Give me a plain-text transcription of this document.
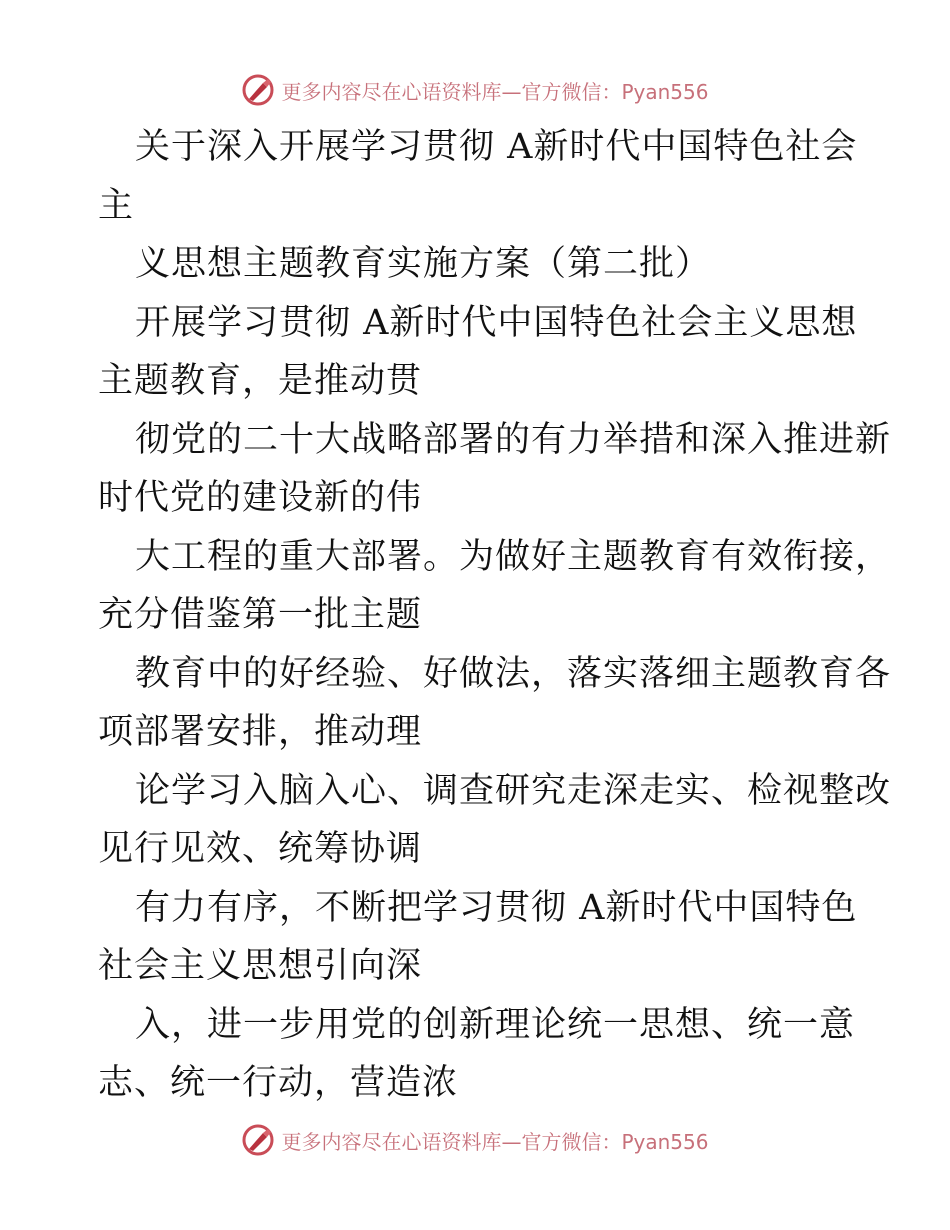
更多内容尽在心语资料库—官方微信：Pyan556
关于深入开展学习贯彻 A新时代中国特色社会
主
义思想主题教育实施方案（第二批）
开展学习贯彻 A新时代中国特色社会主义思想
主题教育，是推动贯
彻党的二十大战略部署的有力举措和深入推进新
时代党的建设新的伟
大工程的重大部署。为做好主题教育有效衔接，
充分借鉴第一批主题
教育中的好经验、好做法，落实落细主题教育各
项部署安排，推动理
论学习入脑入心、调查研究走深走实、检视整改
见行见效、统筹协调
有力有序，不断把学习贯彻 A新时代中国特色
社会主义思想引向深
入，进一步用党的创新理论统一思想、统一意
志、统一行动，营造浓
更多内容尽在心语资料库—官方微信：Pyan556
